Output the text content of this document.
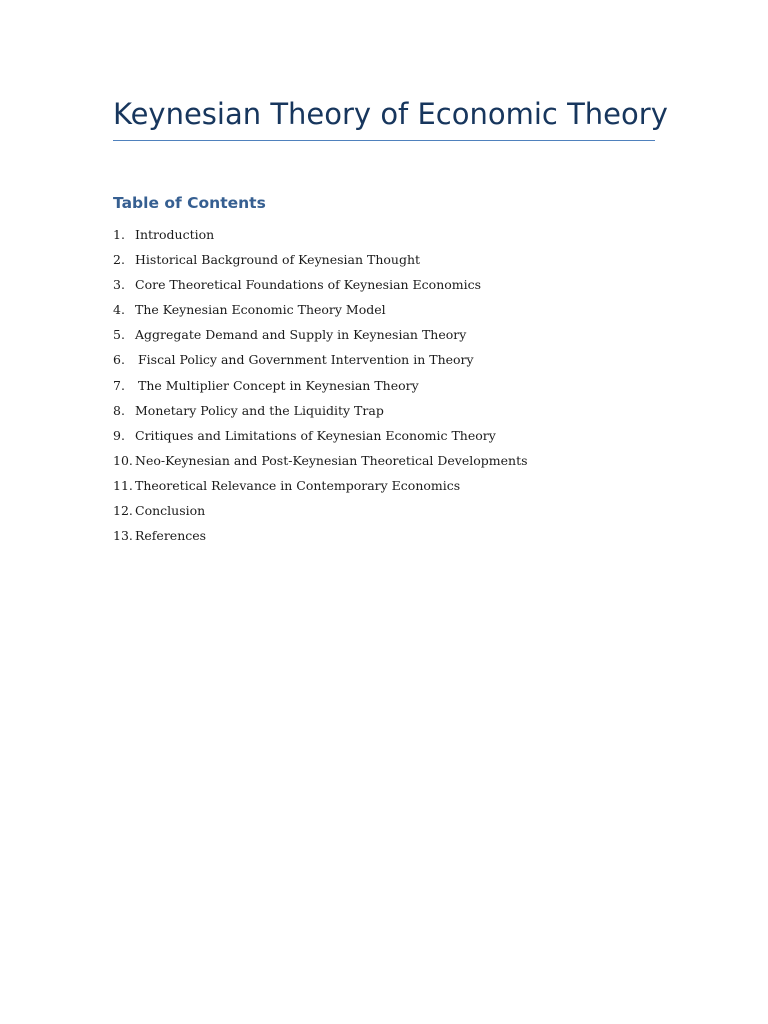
Keynesian Theory of Economic Theory
Table of Contents
1. Introduction
2. Historical Background of Keynesian Thought
3. Core Theoretical Foundations of Keynesian Economics
4. The Keynesian Economic Theory Model
5. Aggregate Demand and Supply in Keynesian Theory
6. Fiscal Policy and Government Intervention in Theory
7. The Multiplier Concept in Keynesian Theory
8. Monetary Policy and the Liquidity Trap
9. Critiques and Limitations of Keynesian Economic Theory
10. Neo-Keynesian and Post-Keynesian Theoretical Developments
11. Theoretical Relevance in Contemporary Economics
12. Conclusion
13. References
